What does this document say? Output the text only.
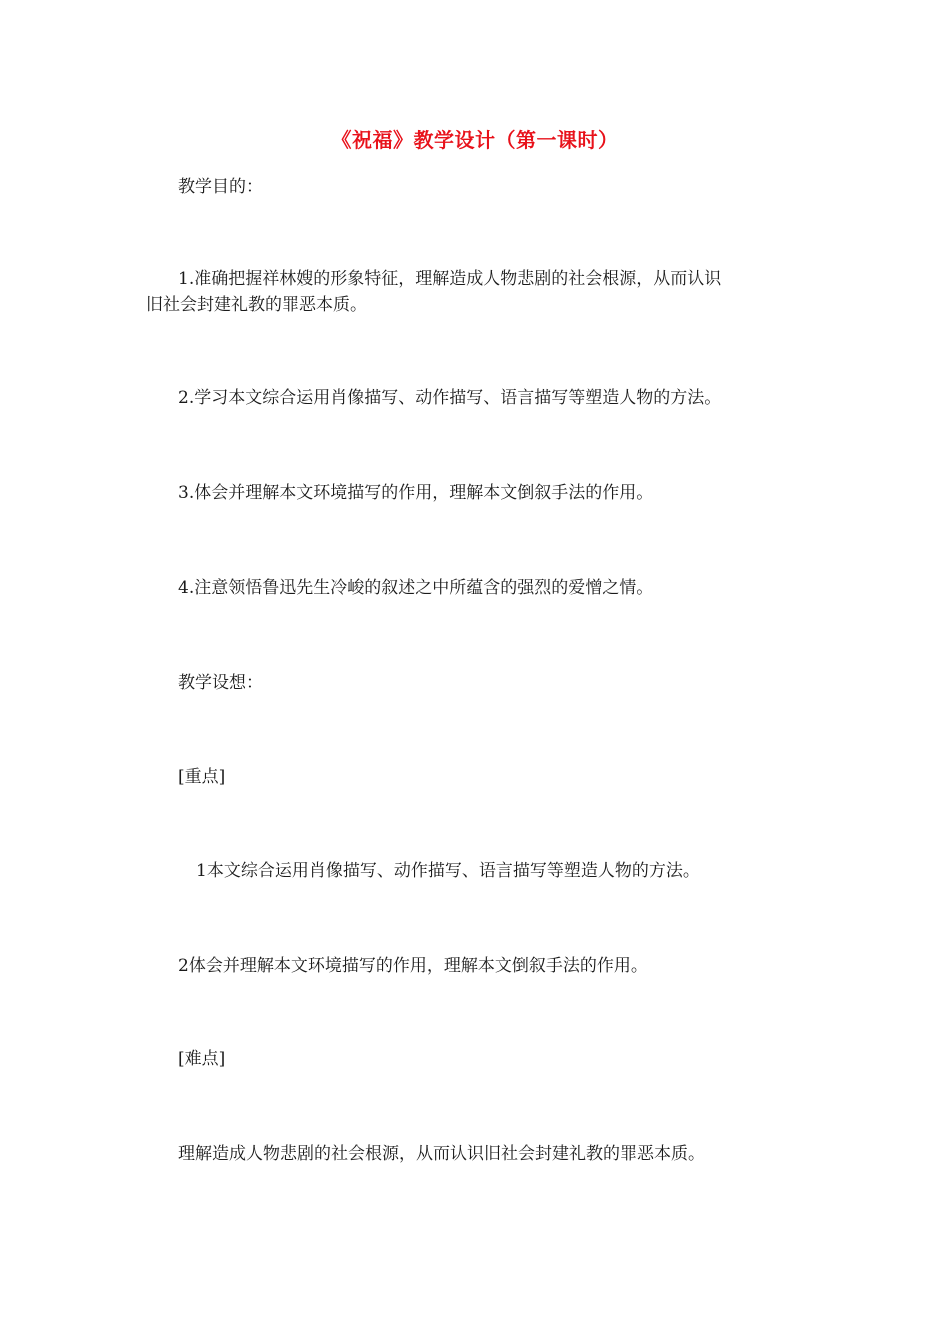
《祝福》教学设计（第一课时）
教学目的：
1.准确把握祥林嫂的形象特征，理解造成人物悲剧的社会根源，从而认识
旧社会封建礼教的罪恶本质。
2.学习本文综合运用肖像描写、动作描写、语言描写等塑造人物的方法。
3.体会并理解本文环境描写的作用，理解本文倒叙手法的作用。
4.注意领悟鲁迅先生冷峻的叙述之中所蕴含的强烈的爱憎之情。
教学设想：
[重点]
1本文综合运用肖像描写、动作描写、语言描写等塑造人物的方法。
2体会并理解本文环境描写的作用，理解本文倒叙手法的作用。
[难点]
理解造成人物悲剧的社会根源，从而认识旧社会封建礼教的罪恶本质。
